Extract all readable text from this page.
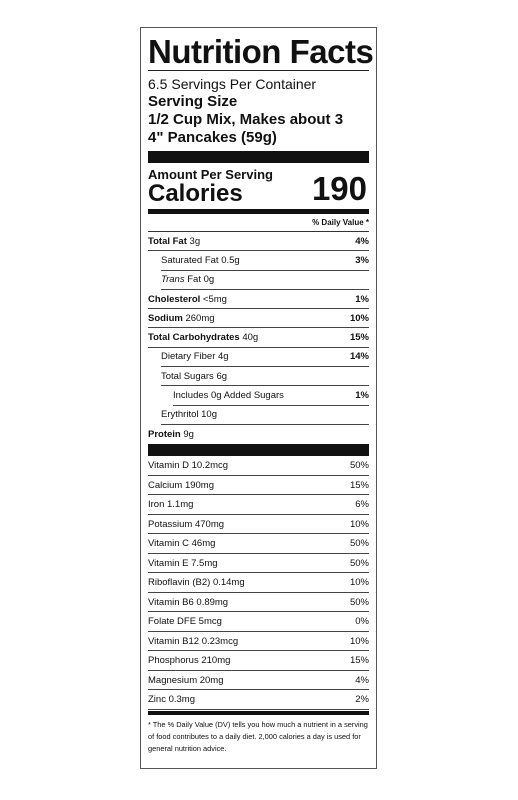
Nutrition Facts
6.5 Servings Per Container
Serving Size
1/2 Cup Mix, Makes about 3
4" Pancakes (59g)
Amount Per Serving
Calories	190
% Daily Value *
Total Fat 3g	4%
Saturated Fat 0.5g	3%
Trans Fat 0g
Cholesterol <5mg	1%
Sodium 260mg	10%
Total Carbohydrates 40g	15%
Dietary Fiber 4g	14%
Total Sugars 6g
Includes 0g Added Sugars	1%
Erythritol 10g
Protein 9g
Vitamin D 10.2mcg	50%
Calcium 190mg	15%
Iron 1.1mg	6%
Potassium 470mg	10%
Vitamin C 46mg	50%
Vitamin E 7.5mg	50%
Riboflavin (B2) 0.14mg	10%
Vitamin B6 0.89mg	50%
Folate DFE 5mcg	0%
Vitamin B12 0.23mcg	10%
Phosphorus 210mg	15%
Magnesium 20mg	4%
Zinc 0.3mg	2%
* The % Daily Value (DV) tells you how much a nutrient in a serving of food contributes to a daily diet. 2,000 calories a day is used for general nutrition advice.
